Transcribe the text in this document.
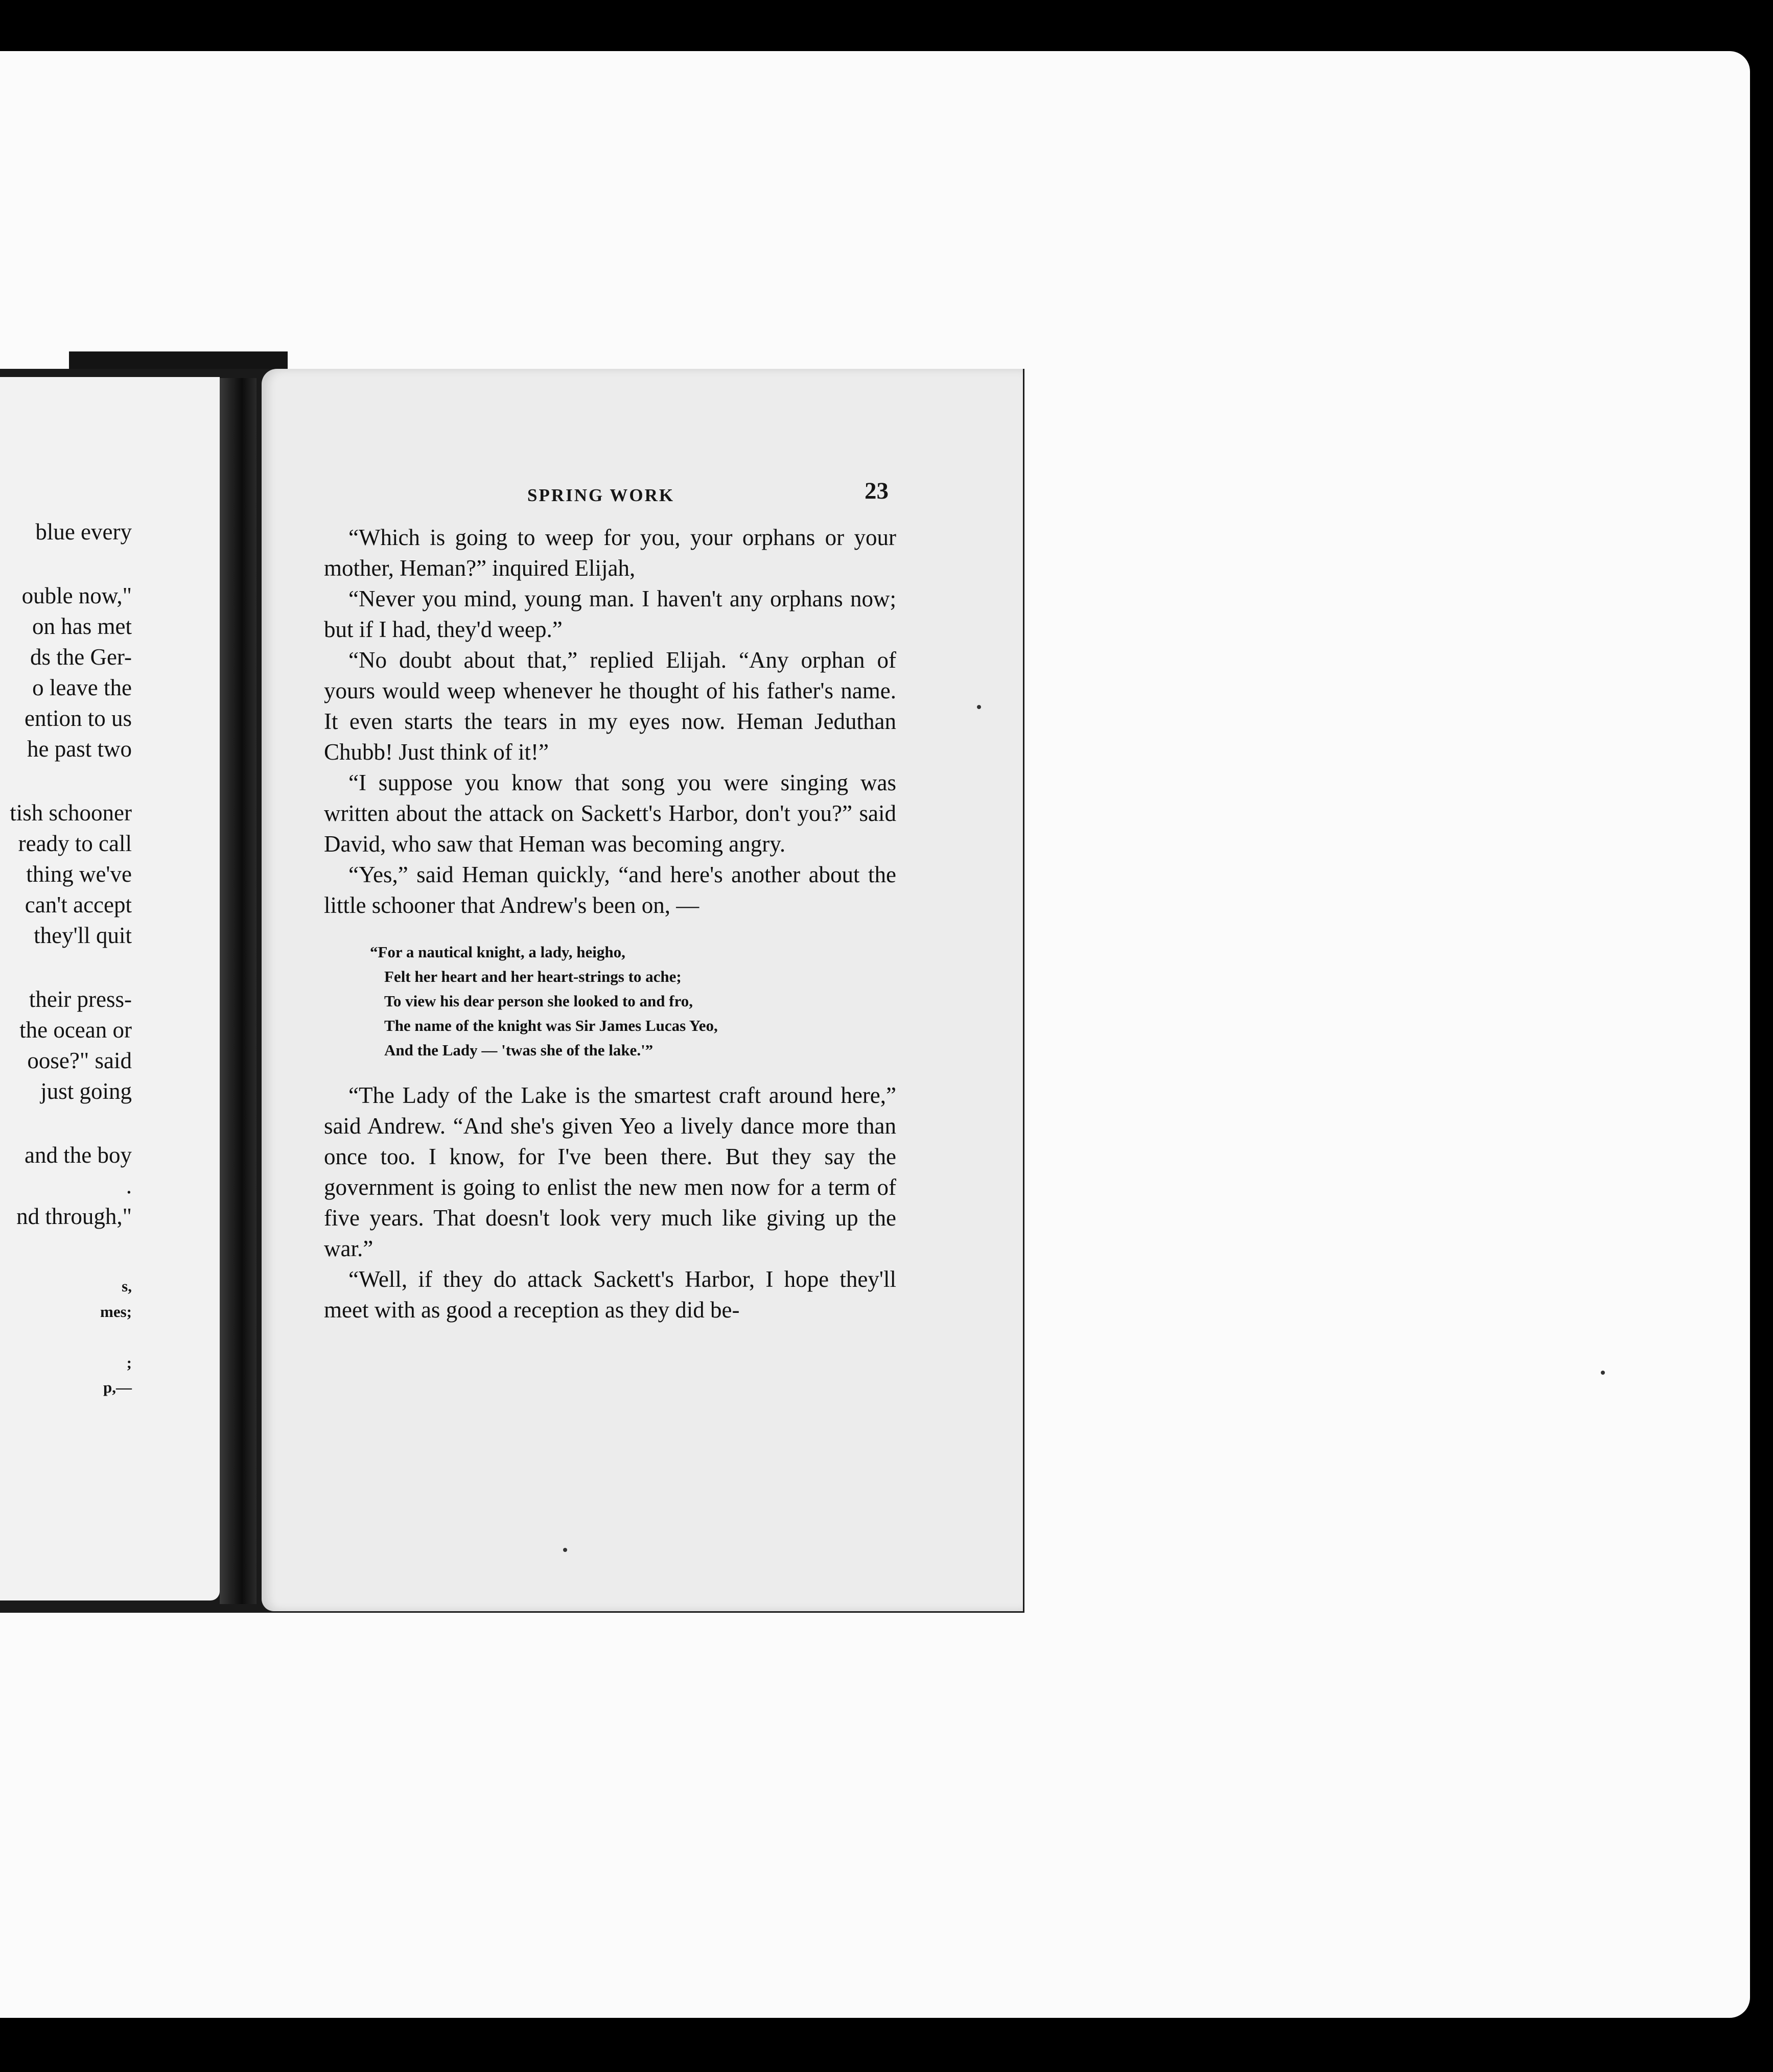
blue every
ouble now,"
on has met
ds the Ger-
o leave the
ention to us
he past two
tish schooner
ready to call
thing we've
can't accept
they'll quit
their press-
the ocean or
oose?" said
just going
and the boy
.
nd through,"
s,
mes;
;
p,—
SPRING WORK	23

“Which is going to weep for you, your orphans or your mother, Heman?” inquired Elijah,

“Never you mind, young man. I haven't any orphans now; but if I had, they'd weep.”

“No doubt about that,” replied Elijah. “Any orphan of yours would weep whenever he thought of his father's name. It even starts the tears in my eyes now. Heman Jeduthan Chubb! Just think of it!”

“I suppose you know that song you were singing was written about the attack on Sackett's Harbor, don't you?” said David, who saw that Heman was becoming angry.

“Yes,” said Heman quickly, “and here's another about the little schooner that Andrew's been on, —

“For a nautical knight, a lady, heigho,
Felt her heart and her heart-strings to ache;
To view his dear person she looked to and fro,
The name of the knight was Sir James Lucas Yeo,
And the Lady — 'twas she of the lake.'”

“The Lady of the Lake is the smartest craft around here,” said Andrew. “And she's given Yeo a lively dance more than once too. I know, for I've been there. But they say the government is going to enlist the new men now for a term of five years. That doesn't look very much like giving up the war.”

“Well, if they do attack Sackett's Harbor, I hope they'll meet with as good a reception as they did be-
